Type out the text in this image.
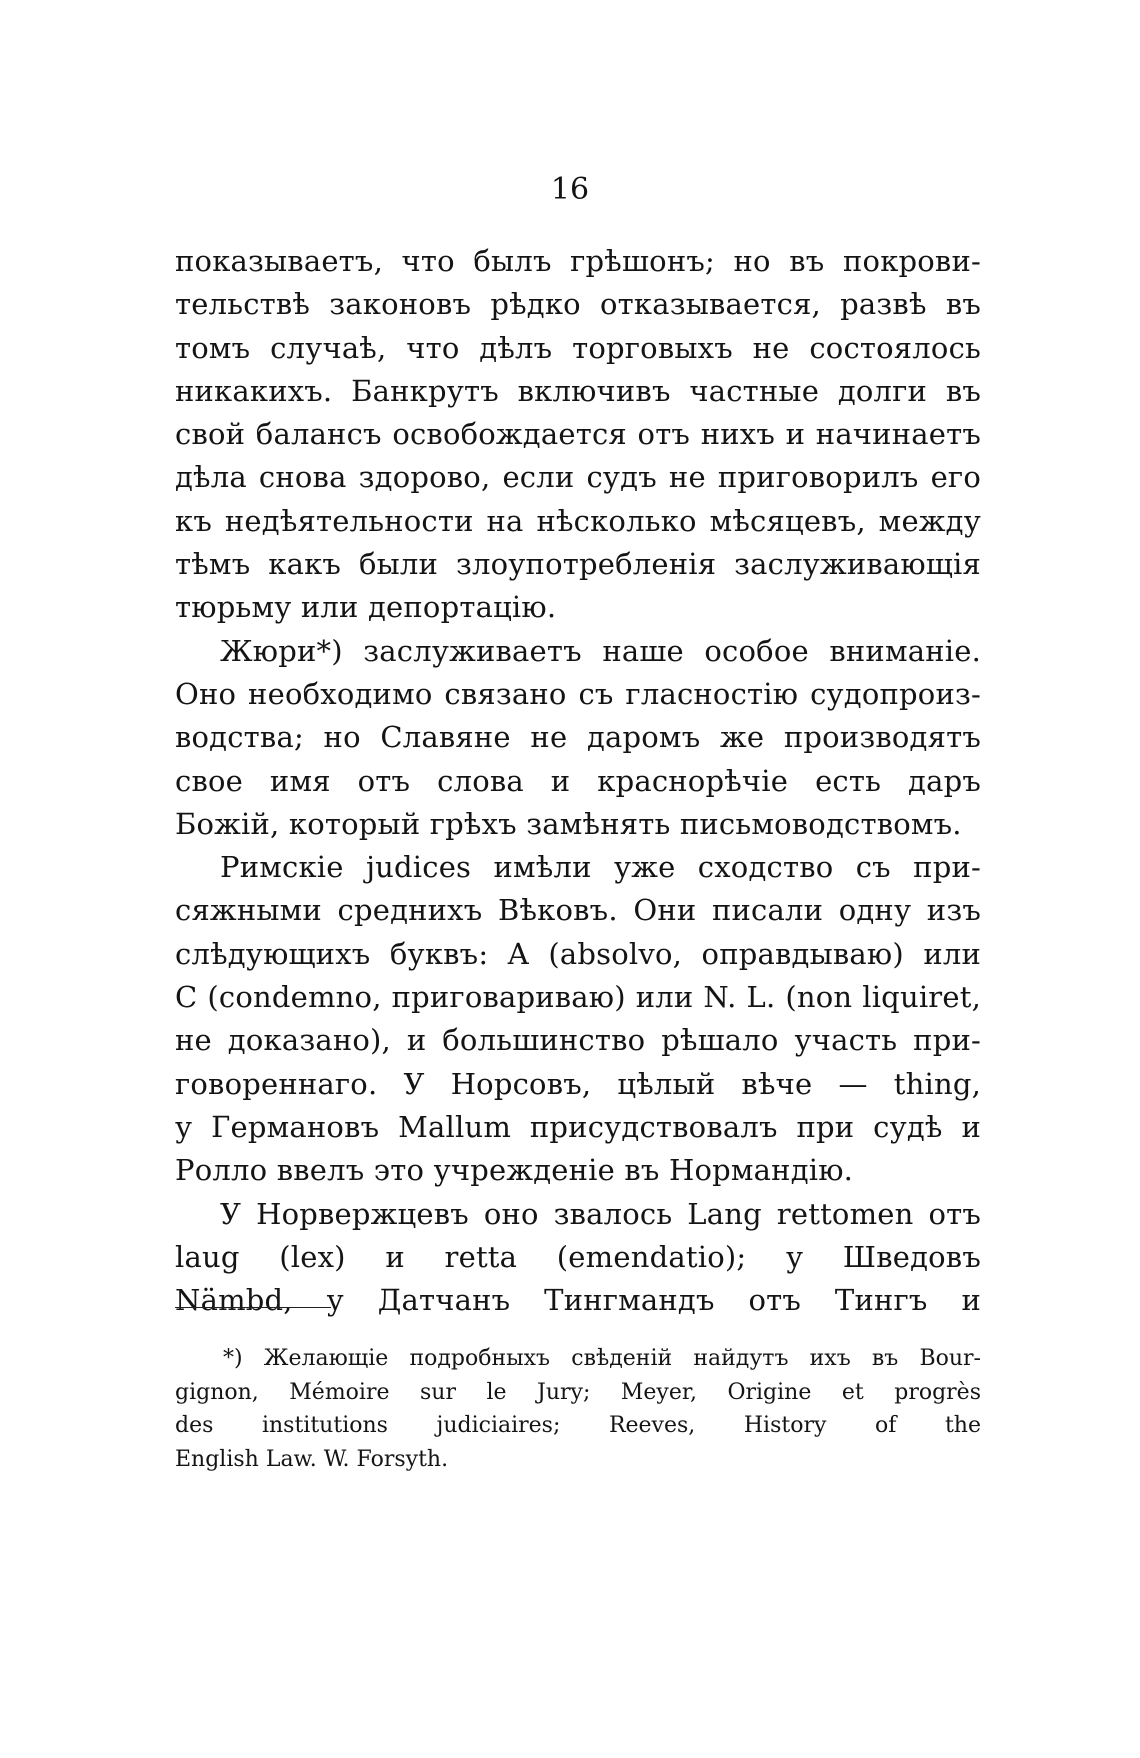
16
показываетъ, что былъ грѣшонъ; но въ покрови-
тельствѣ законовъ рѣдко отказывается, развѣ въ
томъ случаѣ, что дѣлъ торговыхъ не состоялось
никакихъ. Банкрутъ включивъ частные долги въ
свой балансъ освобождается отъ нихъ и начинаетъ
дѣла снова здорово, если судъ не приговорилъ его
къ недѣятельности на нѣсколько мѣсяцевъ, между
тѣмъ какъ были злоупотребленія заслуживающія
тюрьму или депортацію.
Жюри*) заслуживаетъ наше особое вниманіе.
Оно необходимо связано съ гласностію судопроиз-
водства; но Славяне не даромъ же производятъ
свое имя отъ слова и краснорѣчіе есть даръ
Божій, который грѣхъ замѣнять письмоводствомъ.
Римскіе judices имѣли уже сходство съ при-
сяжными среднихъ Вѣковъ. Они писали одну изъ
слѣдующихъ буквъ: A (absolvo, оправдываю) или
C (condemno, приговариваю) или N. L. (non liquiret,
не доказано), и большинство рѣшало участь при-
говореннаго. У Норсовъ, цѣлый вѣче — thing,
у Германовъ Mallum присудствовалъ при судѣ и
Ролло ввелъ это учрежденіе въ Нормандію.
У Норвержцевъ оно звалось Lang rettomen отъ
laug (lex) и retta (emendatio); у Шведовъ
Nämbd, у Датчанъ Тингмандъ отъ Тингъ и
*) Желающіе подробныхъ свѣденій найдутъ ихъ въ Bour-
gignon, Mémoire sur le Jury; Meyer, Origine et progrès
des institutions judiciaires; Reeves, History of the
English Law. W. Forsyth.
